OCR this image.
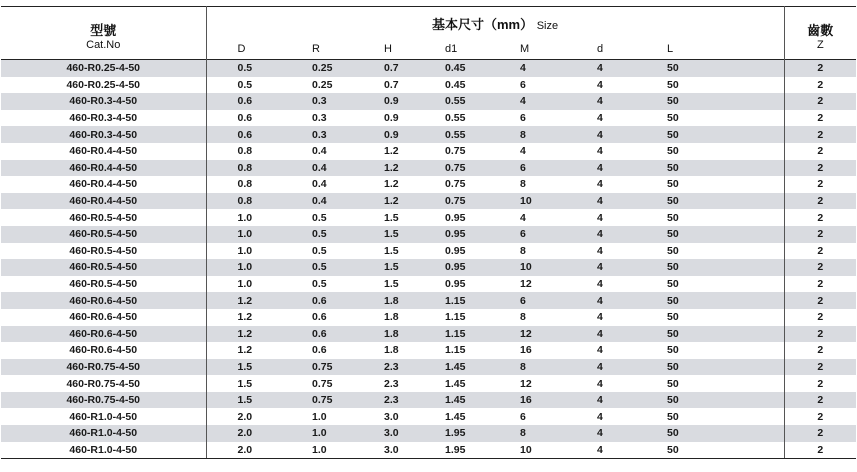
型號	基本尺寸（mm） Size							齒數
Cat.No	D	R	H	d1	M	d	L	Z
460-R0.25-4-50	0.5	0.25	0.7	0.45	4	4	50	2
460-R0.25-4-50	0.5	0.25	0.7	0.45	6	4	50	2
460-R0.3-4-50	0.6	0.3	0.9	0.55	4	4	50	2
460-R0.3-4-50	0.6	0.3	0.9	0.55	6	4	50	2
460-R0.3-4-50	0.6	0.3	0.9	0.55	8	4	50	2
460-R0.4-4-50	0.8	0.4	1.2	0.75	4	4	50	2
460-R0.4-4-50	0.8	0.4	1.2	0.75	6	4	50	2
460-R0.4-4-50	0.8	0.4	1.2	0.75	8	4	50	2
460-R0.4-4-50	0.8	0.4	1.2	0.75	10	4	50	2
460-R0.5-4-50	1.0	0.5	1.5	0.95	4	4	50	2
460-R0.5-4-50	1.0	0.5	1.5	0.95	6	4	50	2
460-R0.5-4-50	1.0	0.5	1.5	0.95	8	4	50	2
460-R0.5-4-50	1.0	0.5	1.5	0.95	10	4	50	2
460-R0.5-4-50	1.0	0.5	1.5	0.95	12	4	50	2
460-R0.6-4-50	1.2	0.6	1.8	1.15	6	4	50	2
460-R0.6-4-50	1.2	0.6	1.8	1.15	8	4	50	2
460-R0.6-4-50	1.2	0.6	1.8	1.15	12	4	50	2
460-R0.6-4-50	1.2	0.6	1.8	1.15	16	4	50	2
460-R0.75-4-50	1.5	0.75	2.3	1.45	8	4	50	2
460-R0.75-4-50	1.5	0.75	2.3	1.45	12	4	50	2
460-R0.75-4-50	1.5	0.75	2.3	1.45	16	4	50	2
460-R1.0-4-50	2.0	1.0	3.0	1.45	6	4	50	2
460-R1.0-4-50	2.0	1.0	3.0	1.95	8	4	50	2
460-R1.0-4-50	2.0	1.0	3.0	1.95	10	4	50	2
